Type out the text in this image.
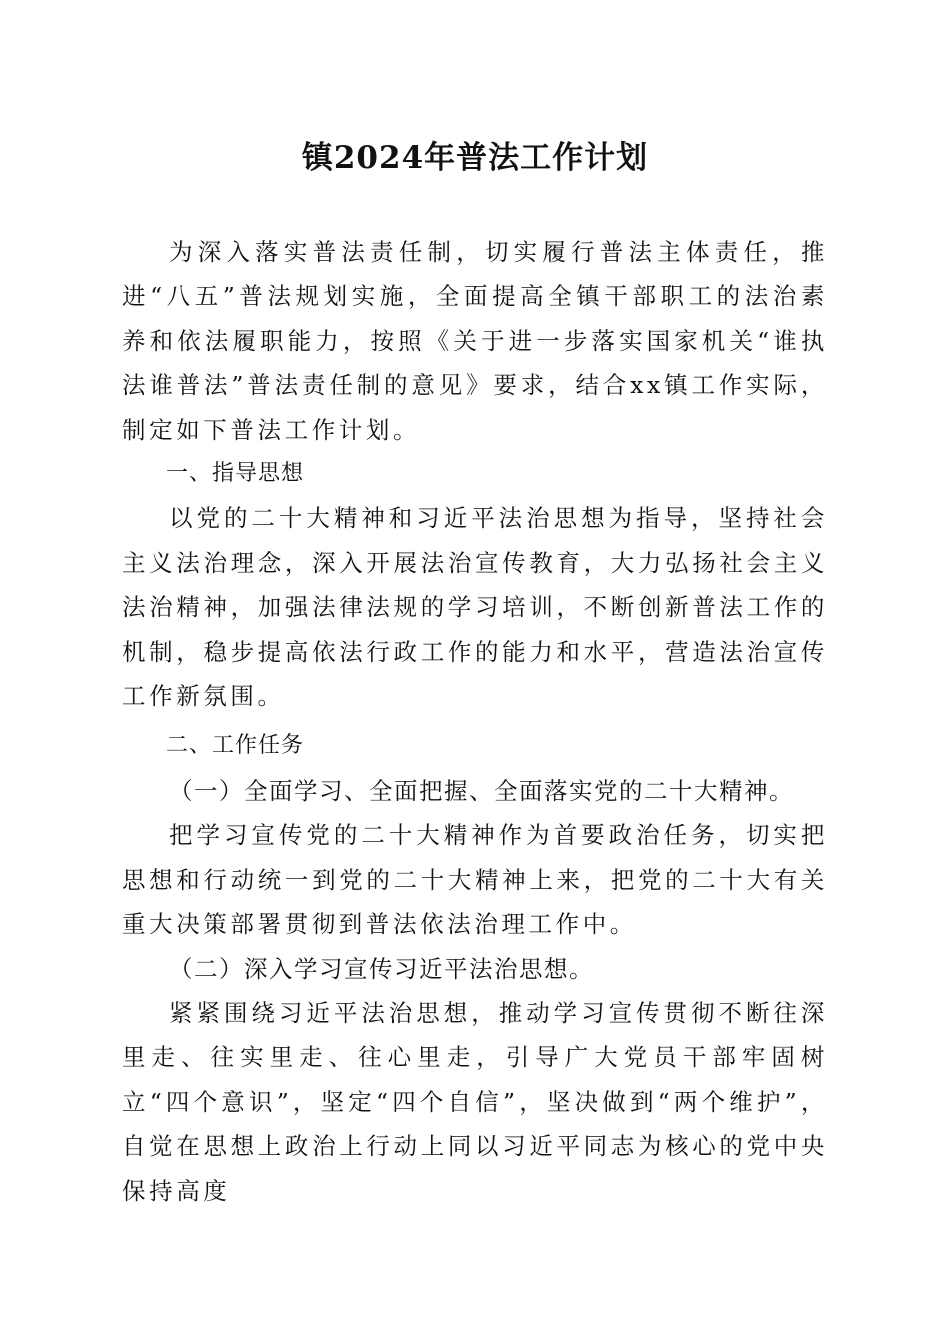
镇2024年普法工作计划

为深入落实普法责任制，切实履行普法主体责任，推进“八五”普法规划实施，全面提高全镇干部职工的法治素养和依法履职能力，按照《关于进一步落实国家机关“谁执法谁普法”普法责任制的意见》要求，结合xx镇工作实际，制定如下普法工作计划。

一、指导思想

以党的二十大精神和习近平法治思想为指导，坚持社会主义法治理念，深入开展法治宣传教育，大力弘扬社会主义法治精神，加强法律法规的学习培训，不断创新普法工作的机制，稳步提高依法行政工作的能力和水平，营造法治宣传工作新氛围。

二、工作任务

（一）全面学习、全面把握、全面落实党的二十大精神。

把学习宣传党的二十大精神作为首要政治任务，切实把思想和行动统一到党的二十大精神上来，把党的二十大有关重大决策部署贯彻到普法依法治理工作中。

（二）深入学习宣传习近平法治思想。

紧紧围绕习近平法治思想，推动学习宣传贯彻不断往深里走、往实里走、往心里走，引导广大党员干部牢固树立“四个意识”，坚定“四个自信”，坚决做到“两个维护”，自觉在思想上政治上行动上同以习近平同志为核心的党中央保持高度
